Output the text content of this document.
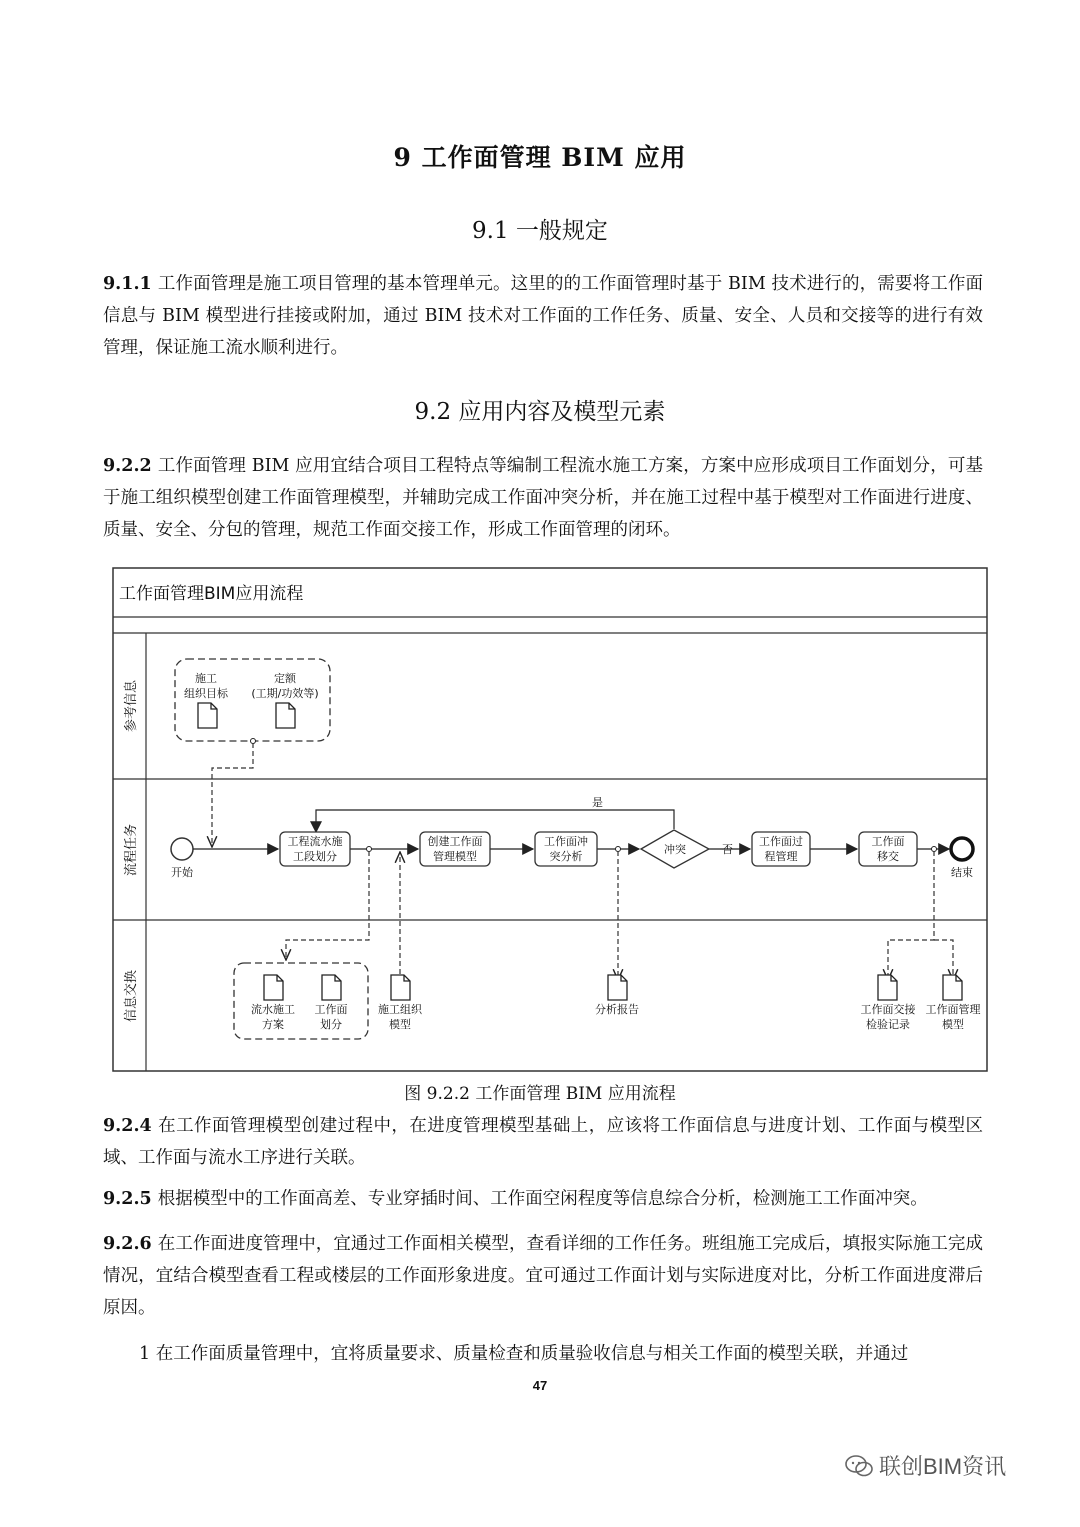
9 工作面管理 BIM 应用
9.1 一般规定
9.1.1 工作面管理是施工项目管理的基本管理单元。这里的的工作面管理时基于 BIM 技术进行的，需要将工作面信息与 BIM 模型进行挂接或附加，通过 BIM 技术对工作面的工作任务、质量、安全、人员和交接等的进行有效管理，保证施工流水顺利进行。
9.2 应用内容及模型元素
9.2.2 工作面管理 BIM 应用宜结合项目工程特点等编制工程流水施工方案，方案中应形成项目工作面划分，可基于施工组织模型创建工作面管理模型，并辅助完成工作面冲突分析，并在施工过程中基于模型对工作面进行进度、质量、安全、分包的管理，规范工作面交接工作，形成工作面管理的闭环。
工作面管理BIM应用流程
参考信息
流程任务
信息交换
施工
组织目标
定额
(工期/功效等)
开始
是
否
工程流水施
工段划分
创建工作面
管理模型
工作面冲
突分析
冲突
工作面过
程管理
工作面
移交
结束
流水施工
方案
工作面
划分
施工组织
模型
分析报告	工作面交接
检验记录
工作面管理
模型
图 9.2.2 工作面管理 BIM 应用流程
9.2.4 在工作面管理模型创建过程中，在进度管理模型基础上，应该将工作面信息与进度计划、工作面与模型区域、工作面与流水工序进行关联。
9.2.5 根据模型中的工作面高差、专业穿插时间、工作面空闲程度等信息综合分析，检测施工工作面冲突。
9.2.6 在工作面进度管理中，宜通过工作面相关模型，查看详细的工作任务。班组施工完成后，填报实际施工完成情况，宜结合模型查看工程或楼层的工作面形象进度。宜可通过工作面计划与实际进度对比，分析工作面进度滞后原因。
1 在工作面质量管理中，宜将质量要求、质量检查和质量验收信息与相关工作面的模型关联，并通过
47
联创BIM资讯
